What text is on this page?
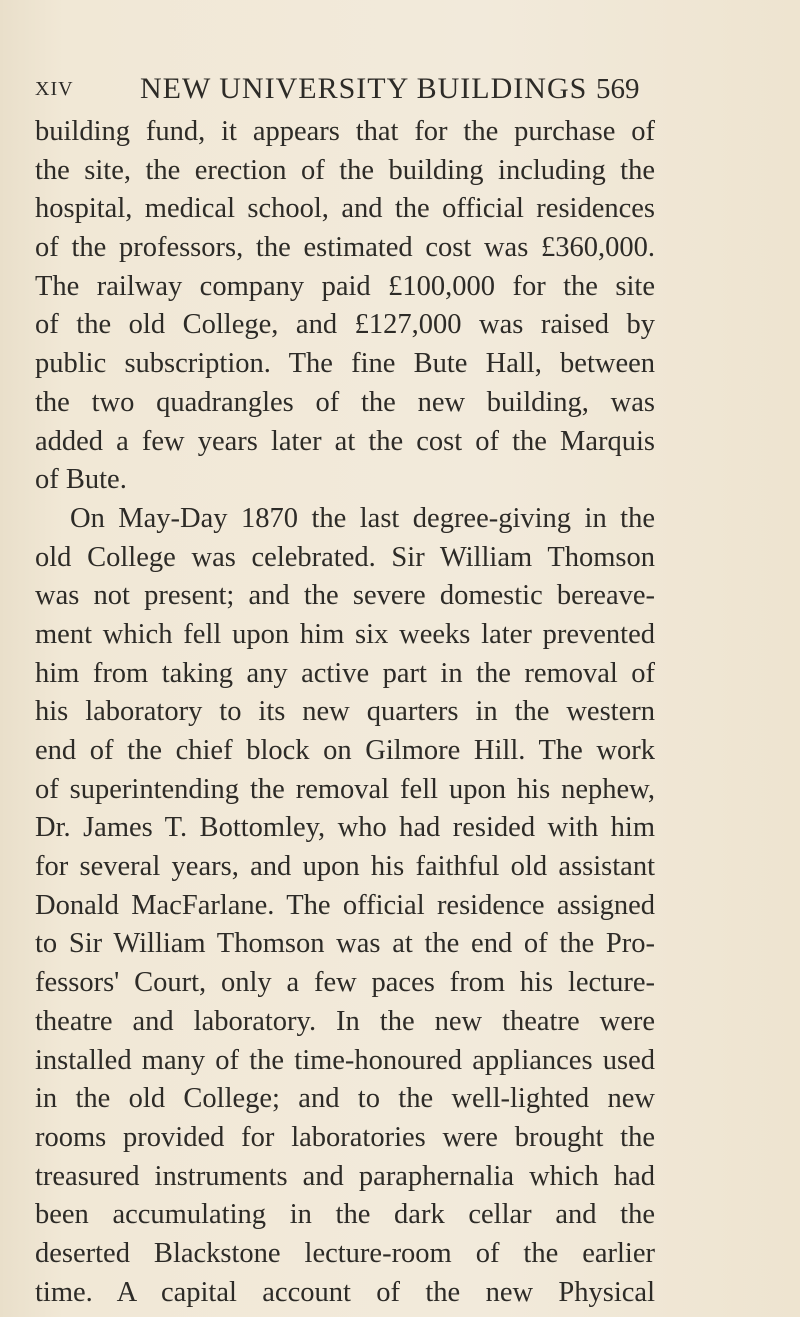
XIV NEW UNIVERSITY BUILDINGS 569
building fund, it appears that for the purchase of
the site, the erection of the building including the
hospital, medical school, and the official residences
of the professors, the estimated cost was £360,000.
The railway company paid £100,000 for the site
of the old College, and £127,000 was raised by
public subscription. The fine Bute Hall, between
the two quadrangles of the new building, was
added a few years later at the cost of the Marquis
of Bute.
On May-Day 1870 the last degree-giving in the
old College was celebrated. Sir William Thomson
was not present; and the severe domestic bereave-
ment which fell upon him six weeks later prevented
him from taking any active part in the removal of
his laboratory to its new quarters in the western
end of the chief block on Gilmore Hill. The work
of superintending the removal fell upon his nephew,
Dr. James T. Bottomley, who had resided with him
for several years, and upon his faithful old assistant
Donald MacFarlane. The official residence assigned
to Sir William Thomson was at the end of the Pro-
fessors' Court, only a few paces from his lecture-
theatre and laboratory. In the new theatre were
installed many of the time-honoured appliances used
in the old College; and to the well-lighted new
rooms provided for laboratories were brought the
treasured instruments and paraphernalia which had
been accumulating in the dark cellar and the
deserted Blackstone lecture-room of the earlier
time. A capital account of the new Physical
